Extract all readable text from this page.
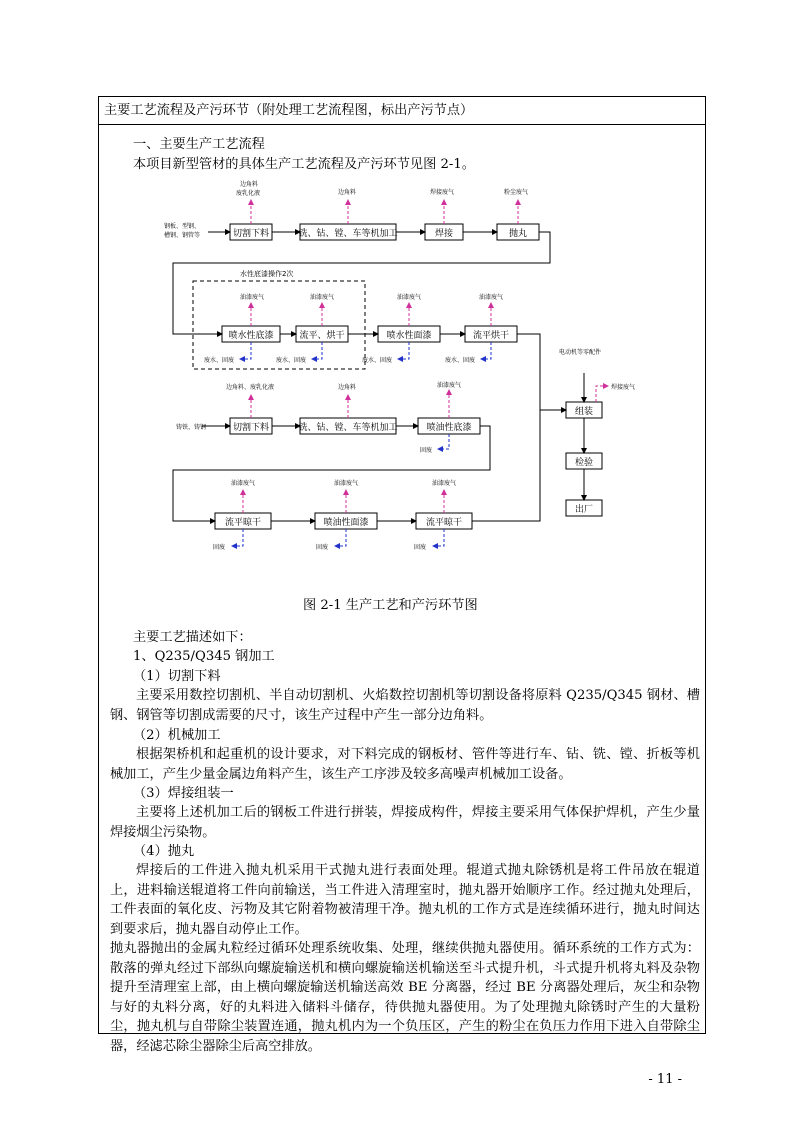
主要工艺流程及产污环节（附处理工艺流程图，标出产污节点）
一、主要生产工艺流程
本项目新型管材的具体生产工艺流程及产污环节见图 2-1。
切割下料	铣、钻、镗、车等机加工	焊接	抛丸
喷水性底漆	流平、烘干	喷水性面漆	流平烘干
切割下料	铣、钻、镗、车等机加工	喷油性底漆
流平晾干	喷油性面漆	流平晾干
组装
检验
出厂
钢板、型钢、
槽钢、钢管等
铸铁、铸钢
电动机等零配件
水性底漆操作2次
边角料
废乳化液	边角料	焊接废气	粉尘废气
油漆废气	油漆废气	油漆废气	油漆废气
废水、固废	废水、固废	废水、固废	废水、固废
边角料、废乳化液	边角料	油漆废气
固废
油漆废气	油漆废气	油漆废气
固废	固废	固废
焊接废气
图 2-1 生产工艺和产污环节图
主要工艺描述如下：
1、Q235/Q345 钢加工
（1）切割下料
主要采用数控切割机、半自动切割机、火焰数控切割机等切割设备将原料 Q235/Q345 钢材、槽钢、钢管等切割成需要的尺寸，该生产过程中产生一部分边角料。
（2）机械加工
根据架桥机和起重机的设计要求，对下料完成的钢板材、管件等进行车、钻、铣、镗、折板等机械加工，产生少量金属边角料产生，该生产工序涉及较多高噪声机械加工设备。
（3）焊接组装一
主要将上述机加工后的钢板工件进行拼装，焊接成构件，焊接主要采用气体保护焊机，产生少量焊接烟尘污染物。
（4）抛丸
焊接后的工件进入抛丸机采用干式抛丸进行表面处理。辊道式抛丸除锈机是将工件吊放在辊道上，进料输送辊道将工件向前输送，当工件进入清理室时，抛丸器开始顺序工作。经过抛丸处理后，工件表面的氧化皮、污物及其它附着物被清理干净。抛丸机的工作方式是连续循环进行，抛丸时间达到要求后，抛丸器自动停止工作。
抛丸器抛出的金属丸粒经过循环处理系统收集、处理，继续供抛丸器使用。循环系统的工作方式为：散落的弹丸经过下部纵向螺旋输送机和横向螺旋输送机输送至斗式提升机，斗式提升机将丸料及杂物提升至清理室上部，由上横向螺旋输送机输送高效 BE 分离器，经过 BE 分离器处理后，灰尘和杂物与好的丸料分离，好的丸料进入储料斗储存，待供抛丸器使用。为了处理抛丸除锈时产生的大量粉尘，抛丸机与自带除尘装置连通，抛丸机内为一个负压区，产生的粉尘在负压力作用下进入自带除尘器，经滤芯除尘器除尘后高空排放。
- 11 -
